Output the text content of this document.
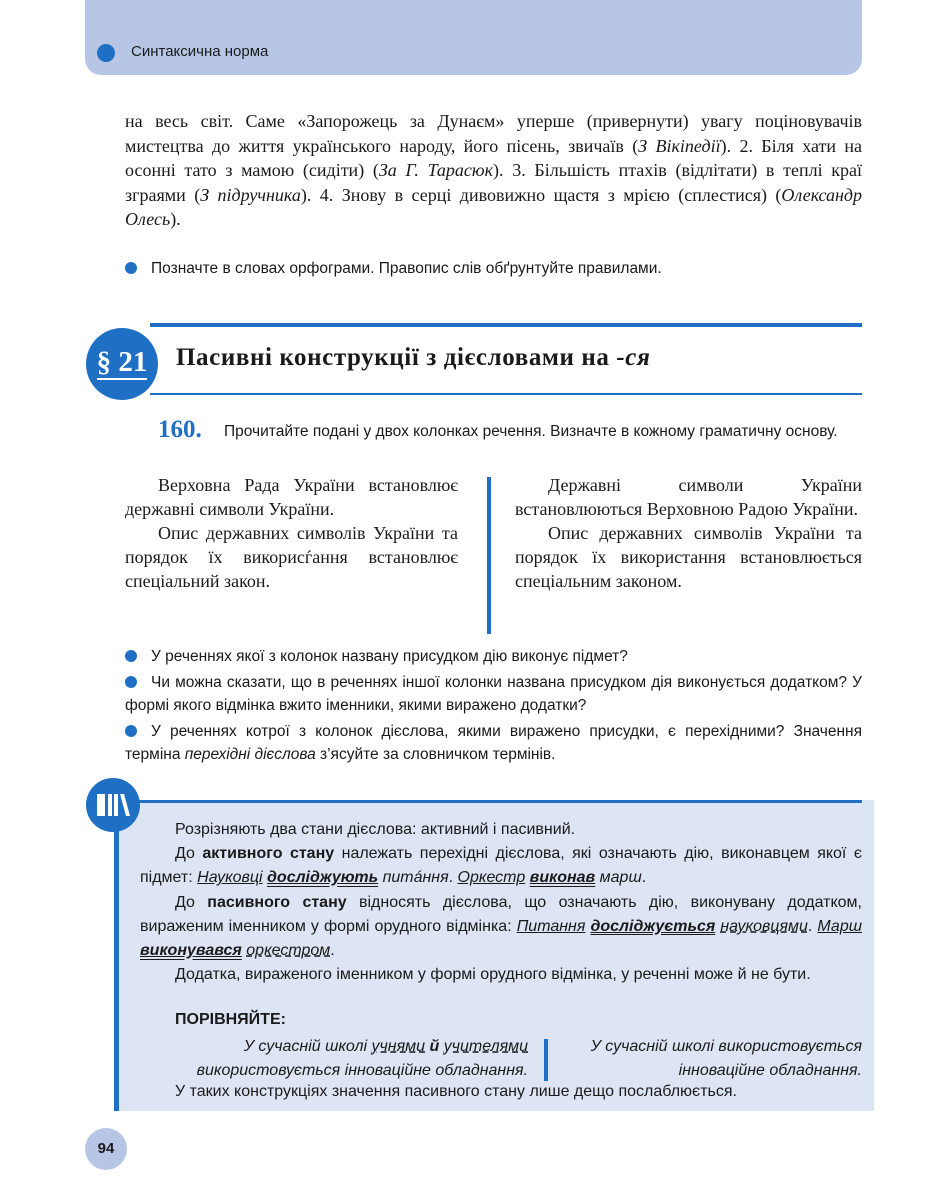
Синтаксична норма

на весь світ. Саме «Запорожець за Дунаєм» уперше (привернути) увагу поціновувачів мистецтва до життя українського народу, його пісень, звичаїв (З Вікіпедії). 2. Біля хати на осонні тато з мамою (сидіти) (За Г. Тарасюк). 3. Більшість птахів (відлітати) в теплі краї зграями (З підручника). 4. Знову в серці дивовижно щастя з мрією (сплестися) (Олександр Олесь).

Позначте в словах орфограми. Правопис слів обґрунтуйте правилами.
§ 21	Пасивні конструкції з дієсловами на -ся
160.	Прочитайте подані у двох колонках речення. Визначте в кожному граматичну основу.

Верховна Рада України встановлює державні символи України.

Опис державних символів України та порядок їх викорисѓання встановлює спеціальний закон.

Державні символи України встановлюються Верховною Радою України.

Опис державних символів України та порядок їх використання встановлюється спеціальним законом.

У реченнях якої з колонок названу присудком дію виконує підмет?
Чи можна сказати, що в реченнях іншої колонки названа присудком дія виконується додатком? У формі якого відмінка вжито іменники, якими виражено додатки?
У реченнях котрої з колонок дієслова, якими виражено присудки, є перехідними? Значення терміна перехідні дієслова з’ясуйте за словничком термінів.

Розрізняють два стани дієслова: активний і пасивний.

До активного стану належать перехідні дієслова, які означають дію, виконавцем якої є підмет: Науковці досліджують питáння. Оркестр виконав марш.

До пасивного стану відносять дієслова, що означають дію, виконувану додатком, вираженим іменником у формі орудного відмінка: Питання досліджується науковцями. Марш виконувався оркестром.

Додатка, вираженого іменником у формі орудного відмінка, у реченні може й не бути.

ПОРІВНЯЙТЕ:
У сучасній школі учнями й учителями
використовується інноваційне обладнання.
У сучасній школі використовується інноваційне обладнання.
У таких конструкціях значення пасивного стану лише дещо послаблюється.
94
